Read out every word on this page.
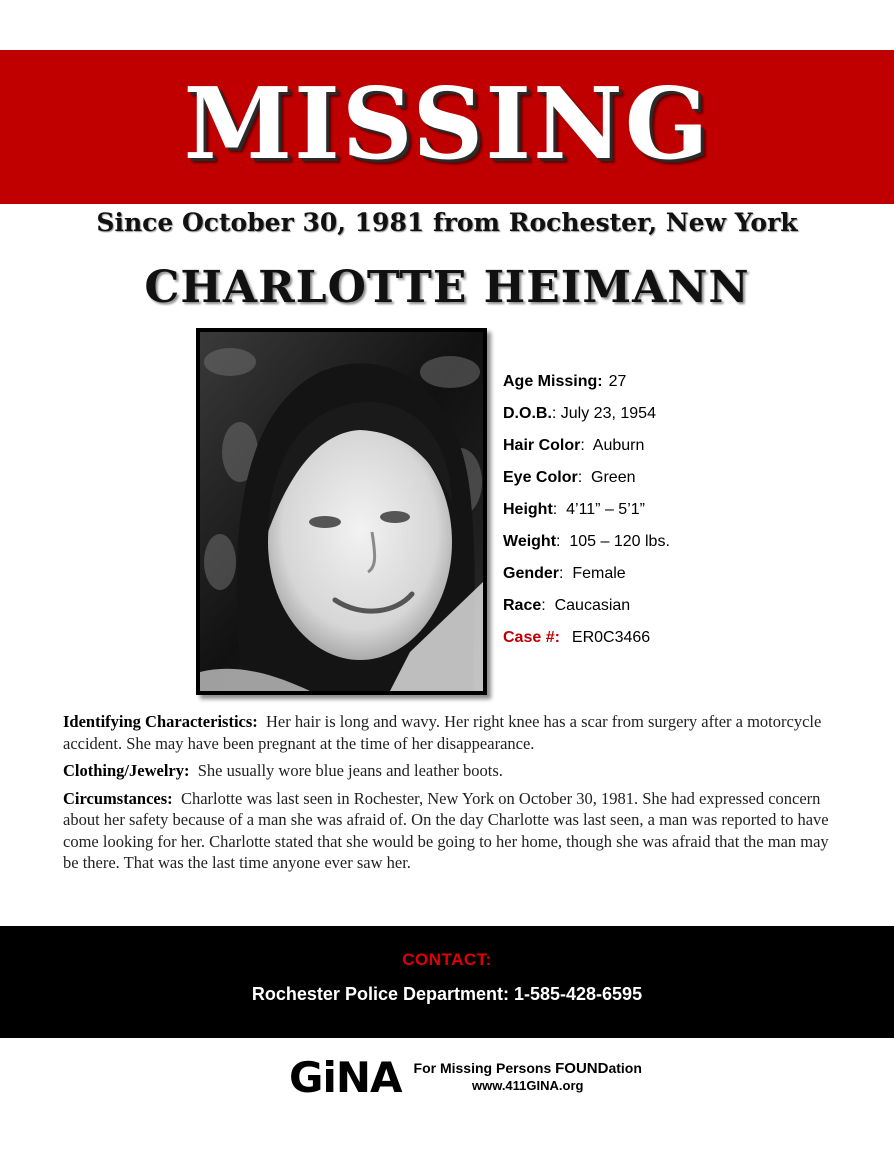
MISSING
Since October 30, 1981 from Rochester, New York
CHARLOTTE HEIMANN
Age Missing: 27
D.O.B.: July 23, 1954
Hair Color:  Auburn
Eye Color:  Green
Height:  4’11” – 5’1”
Weight:  105 – 120 lbs.
Gender:  Female
Race:  Caucasian
Case #: ER0C3466

Identifying Characteristics: Her hair is long and wavy. Her right knee has a scar from surgery after a motorcycle accident. She may have been pregnant at the time of her disappearance.

Clothing/Jewelry: She usually wore blue jeans and leather boots.

Circumstances: Charlotte was last seen in Rochester, New York on October 30, 1981. She had expressed concern about her safety because of a man she was afraid of. On the day Charlotte was last seen, a man was reported to have come looking for her. Charlotte stated that she would be going to her home, though she was afraid that the man may be there. That was the last time anyone ever saw her.

CONTACT:
Rochester Police Department: 1-585-428-6595
GiNA For Missing Persons FOUNDation
www.411GINA.org
